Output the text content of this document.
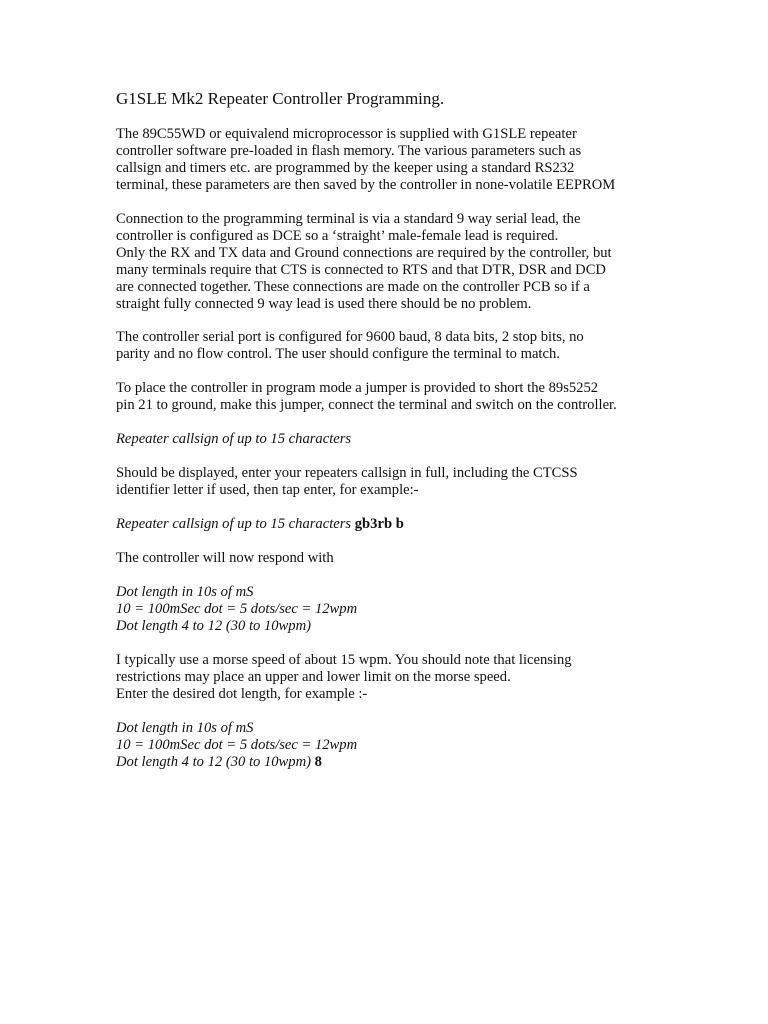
G1SLE Mk2 Repeater Controller Programming.

The 89C55WD or equivalend microprocessor is supplied with G1SLE repeater
controller software pre-loaded in flash memory. The various parameters such as
callsign and timers etc. are programmed by the keeper using a standard RS232
terminal, these parameters are then saved by the controller in none-volatile EEPROM

Connection to the programming terminal is via a standard 9 way serial lead, the
controller is configured as DCE so a ‘straight’ male-female lead is required.
Only the RX and TX data and Ground connections are required by the controller, but
many terminals require that CTS is connected to RTS and that DTR, DSR and DCD
are connected together. These connections are made on the controller PCB so if a
straight fully connected 9 way lead is used there should be no problem.

The controller serial port is configured for 9600 baud, 8 data bits, 2 stop bits, no
parity and no flow control. The user should configure the terminal to match.

To place the controller in program mode a jumper is provided to short the 89s5252
pin 21 to ground, make this jumper, connect the terminal and switch on the controller.

Repeater callsign of up to 15 characters

Should be displayed, enter your repeaters callsign in full, including the CTCSS
identifier letter if used, then tap enter, for example:-

Repeater callsign of up to 15 characters gb3rb b

The controller will now respond with

Dot length in 10s of mS
10 = 100mSec dot = 5 dots/sec = 12wpm
Dot length 4 to 12 (30 to 10wpm)

I typically use a morse speed of about 15 wpm. You should note that licensing
restrictions may place an upper and lower limit on the morse speed.
Enter the desired dot length, for example :-

Dot length in 10s of mS
10 = 100mSec dot = 5 dots/sec = 12wpm
Dot length 4 to 12 (30 to 10wpm) 8
